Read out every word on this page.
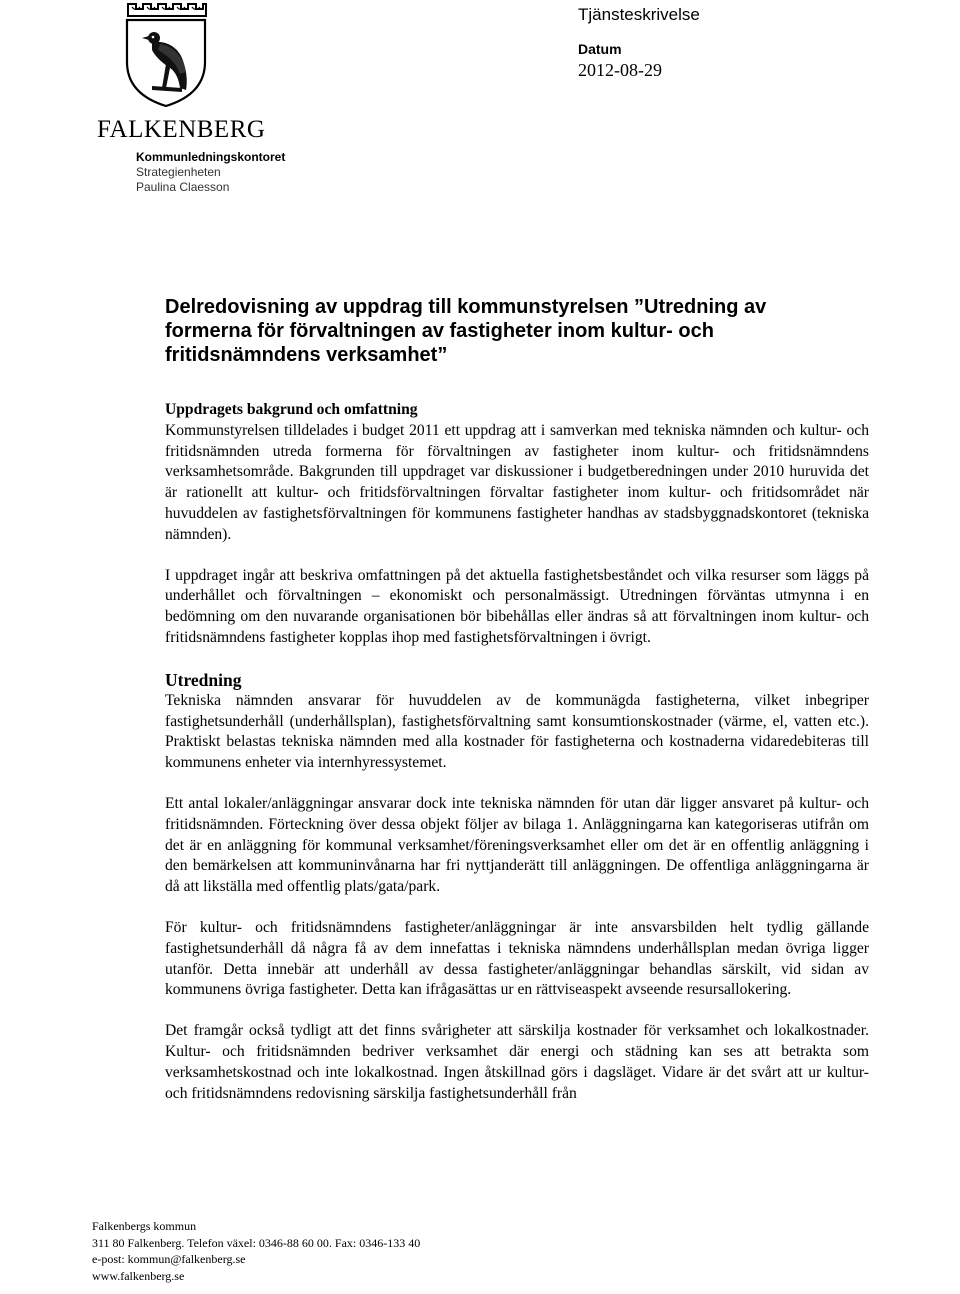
FALKENBERG
Kommunledningskontoret
Strategienheten
Paulina Claesson
Tjänsteskrivelse
Datum
2012-08-29
Delredovisning av uppdrag till kommunstyrelsen ”Utredning av formerna för förvaltningen av fastigheter inom kultur- och fritidsnämndens verksamhet”
Uppdragets bakgrund och omfattning

Kommunstyrelsen tilldelades i budget 2011 ett uppdrag att i samverkan med tekniska nämnden och kultur- och fritidsnämnden utreda formerna för förvaltningen av fastigheter inom kultur- och fritidsnämndens verksamhetsområde. Bakgrunden till uppdraget var diskussioner i budgetberedningen under 2010 huruvida det är rationellt att kultur- och fritidsförvaltningen förvaltar fastigheter inom kultur- och fritidsområdet när huvuddelen av fastighetsförvaltningen för kommunens fastigheter handhas av stadsbyggnadskontoret (tekniska nämnden).

I uppdraget ingår att beskriva omfattningen på det aktuella fastighetsbeståndet och vilka resurser som läggs på underhållet och förvaltningen – ekonomiskt och personalmässigt. Utredningen förväntas utmynna i en bedömning om den nuvarande organisationen bör bibehållas eller ändras så att förvaltningen inom kultur- och fritidsnämndens fastigheter kopplas ihop med fastighetsförvaltningen i övrigt.

Utredning

Tekniska nämnden ansvarar för huvuddelen av de kommunägda fastigheterna, vilket inbegriper fastighetsunderhåll (underhållsplan), fastighetsförvaltning samt konsumtionskostnader (värme, el, vatten etc.). Praktiskt belastas tekniska nämnden med alla kostnader för fastigheterna och kostnaderna vidaredebiteras till kommunens enheter via internhyressystemet.

Ett antal lokaler/anläggningar ansvarar dock inte tekniska nämnden för utan där ligger ansvaret på kultur- och fritidsnämnden. Förteckning över dessa objekt följer av bilaga 1. Anläggningarna kan kategoriseras utifrån om det är en anläggning för kommunal verksamhet/föreningsverksamhet eller om det är en offentlig anläggning i den bemärkelsen att kommuninvånarna har fri nyttjanderätt till anläggningen. De offentliga anläggningarna är då att likställa med offentlig plats/gata/park.

För kultur- och fritidsnämndens fastigheter/anläggningar är inte ansvarsbilden helt tydlig gällande fastighetsunderhåll då några få av dem innefattas i tekniska nämndens underhållsplan medan övriga ligger utanför. Detta innebär att underhåll av dessa fastigheter/anläggningar behandlas särskilt, vid sidan av kommunens övriga fastigheter. Detta kan ifrågasättas ur en rättviseaspekt avseende resursallokering.

Det framgår också tydligt att det finns svårigheter att särskilja kostnader för verksamhet och lokalkostnader. Kultur- och fritidsnämnden bedriver verksamhet där energi och städning kan ses att betrakta som verksamhetskostnad och inte lokalkostnad. Ingen åtskillnad görs i dagsläget. Vidare är det svårt att ur kultur- och fritidsnämndens redovisning särskilja fastighetsunderhåll från

Falkenbergs kommun
311 80 Falkenberg. Telefon växel: 0346-88 60 00. Fax: 0346-133 40
e-post: kommun@falkenberg.se
www.falkenberg.se
